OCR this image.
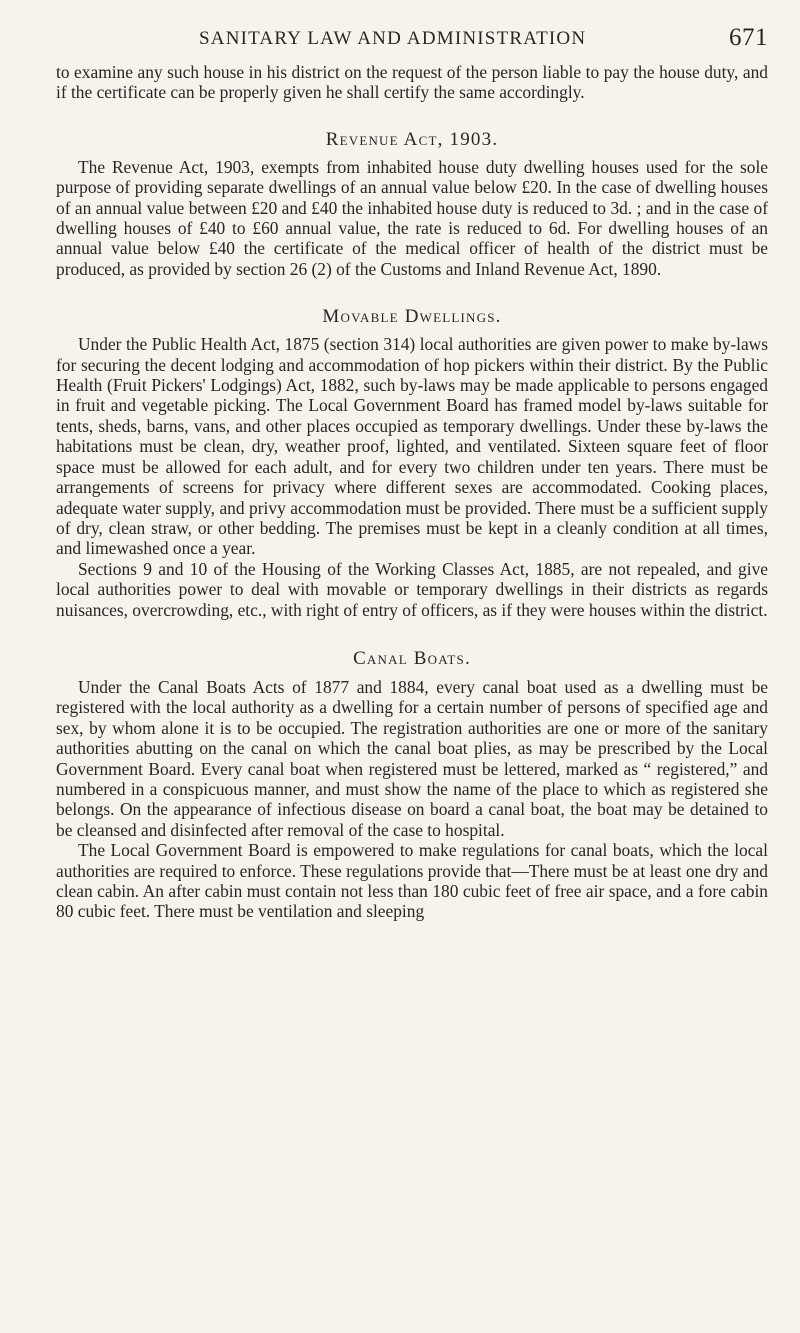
SANITARY LAW AND ADMINISTRATION	671

to examine any such house in his district on the request of the person liable to pay the house duty, and if the certificate can be properly given he shall certify the same accordingly.

Revenue Act, 1903.

The Revenue Act, 1903, exempts from inhabited house duty dwelling houses used for the sole purpose of providing separate dwellings of an annual value below £20. In the case of dwelling houses of an annual value between £20 and £40 the inhabited house duty is reduced to 3d. ; and in the case of dwelling houses of £40 to £60 annual value, the rate is reduced to 6d. For dwelling houses of an annual value below £40 the certificate of the medical officer of health of the district must be produced, as provided by section 26 (2) of the Customs and Inland Revenue Act, 1890.

Movable Dwellings.

Under the Public Health Act, 1875 (section 314) local authorities are given power to make by-laws for securing the decent lodging and accommodation of hop pickers within their district. By the Public Health (Fruit Pickers' Lodgings) Act, 1882, such by-laws may be made applicable to persons engaged in fruit and vegetable picking. The Local Government Board has framed model by-laws suitable for tents, sheds, barns, vans, and other places occupied as temporary dwellings. Under these by-laws the habitations must be clean, dry, weather proof, lighted, and ventilated. Sixteen square feet of floor space must be allowed for each adult, and for every two children under ten years. There must be arrangements of screens for privacy where different sexes are accommodated. Cooking places, adequate water supply, and privy accommodation must be provided. There must be a sufficient supply of dry, clean straw, or other bedding. The premises must be kept in a cleanly condition at all times, and limewashed once a year.

Sections 9 and 10 of the Housing of the Working Classes Act, 1885, are not repealed, and give local authorities power to deal with movable or temporary dwellings in their districts as regards nuisances, overcrowding, etc., with right of entry of officers, as if they were houses within the district.

Canal Boats.

Under the Canal Boats Acts of 1877 and 1884, every canal boat used as a dwelling must be registered with the local authority as a dwelling for a certain number of persons of specified age and sex, by whom alone it is to be occupied. The registration authorities are one or more of the sanitary authorities abutting on the canal on which the canal boat plies, as may be prescribed by the Local Government Board. Every canal boat when registered must be lettered, marked as “ registered,” and numbered in a conspicuous manner, and must show the name of the place to which as registered she belongs. On the appearance of infectious disease on board a canal boat, the boat may be detained to be cleansed and disinfected after removal of the case to hospital.

The Local Government Board is empowered to make regulations for canal boats, which the local authorities are required to enforce. These regulations provide that—There must be at least one dry and clean cabin. An after cabin must contain not less than 180 cubic feet of free air space, and a fore cabin 80 cubic feet. There must be ventilation and sleeping
